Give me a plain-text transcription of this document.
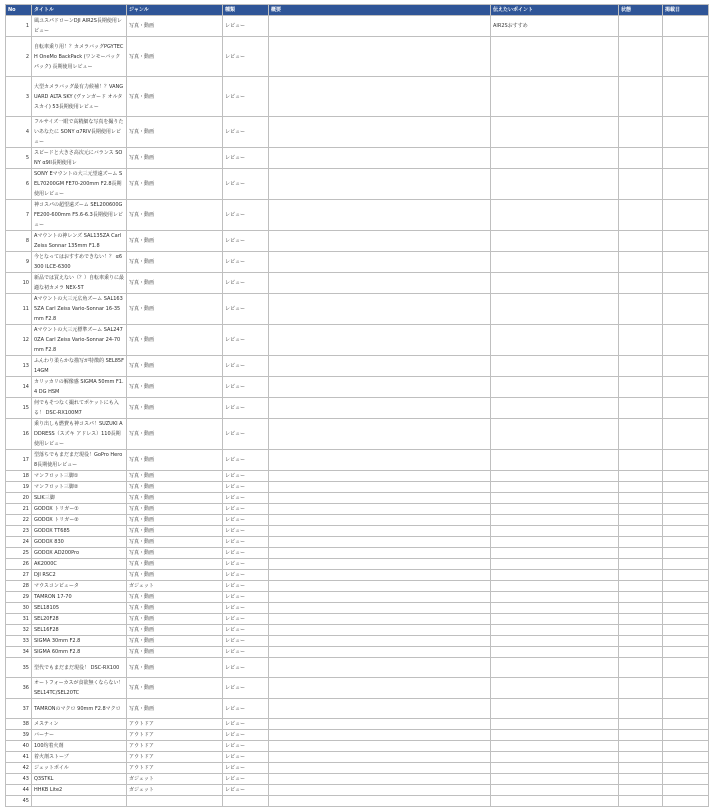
No	タイトル	ジャンル	種類	概要	伝えたいポイント	状態	掲載日
1	風ユスパドローンDJI AIR2S長期使用レビュー	写真・動画	レビュー		AIR2Sおすすめ		
2	自転車乗り用！？カメラバッグPGYTECH OneMo BackPack (ワンモーバックパック) 長期使用レビュー	写真・動画	レビュー				
3	大型カメラバッグ最有力候補！？VANGUARD ALTA SKY (ヴァンガード オルタ スカイ) 53長期使用レビュー	写真・動画	レビュー				
4	フルサイズ一眼で高精細な写真を撮りたいあなたに SONY α7RIV長期使用レビュー	写真・動画	レビュー				
5	スピードと大きさ高次元にバランス SONY α9II長期使用レ	写真・動画	レビュー				
6	SONY Eマウントの大三元望遠ズーム SEL70200GM FE70-200mm F2.8長期使用レビュー	写真・動画	レビュー				
7	神コスパの超望遠ズーム SEL200600G FE200-600mm F5.6-6.3長期使用レビュー	写真・動画	レビュー				
8	Aマウントの神レンズ SAL135ZA Carl Zeiss Sonnar 135mm F1.8	写真・動画	レビュー				
9	今となってはおすすめできない！？ α6300 ILCE-6300	写真・動画	レビュー				
10	新品では買えない（？）自転車乗りに最適な初カメラ NEX-5T	写真・動画	レビュー				
11	Aマウントの大三元広角ズーム SAL1635ZA Carl Zeiss Vario-Sonnar 16-35mm F2.8	写真・動画	レビュー				
12	Aマウントの大三元標準ズーム SAL2470ZA Carl Zeiss Vario-Sonnar 24-70mm F2.8	写真・動画	レビュー				
13	ふんわり柔らかな描写が特徴的 SEL85F14GM	写真・動画	レビュー				
14	カリッカリの解像感 SIGMA 50mm F1.4 DG HSM	写真・動画	レビュー				
15	何でもそつなく撮れてポケットにも入る！ DSC-RX100M7	写真・動画	レビュー				
16	乗り出しも燃費も神コスパ！SUZUKI ADDRESS（スズキ アドレス）110長期使用レビュー	写真・動画	レビュー				
17	型落ちでもまだまだ現役！GoPro Hero8長期使用レビュー	写真・動画	レビュー				
18	マンフロット三脚①	写真・動画	レビュー				
19	マンフロット三脚②	写真・動画	レビュー				
20	SLIK三脚	写真・動画	レビュー				
21	GODOX トリガー①	写真・動画	レビュー				
22	GODOX トリガー②	写真・動画	レビュー				
23	GODOX TT685	写真・動画	レビュー				
24	GODOX 830	写真・動画	レビュー				
25	GODOX AD200Pro	写真・動画	レビュー				
26	AK2000C	写真・動画	レビュー				
27	DJI RSC2	写真・動画	レビュー				
28	マウスコンピュータ	ガジェット	レビュー				
29	TAMRON 17-70	写真・動画	レビュー				
30	SEL18105	写真・動画	レビュー				
31	SEL20F28	写真・動画	レビュー				
32	SEL16F28	写真・動画	レビュー				
33	SIGMA 30mm F2.8	写真・動画	レビュー				
34	SIGMA 60mm F2.8	写真・動画	レビュー				
35	型代でもまだまだ現役！ DSC-RX100	写真・動画	レビュー				
36	オートフォーカスが食欲無くならない！ SEL14TC/SEL20TC	写真・動画	レビュー				
37	TAMRONのマクロ 90mm F2.8マクロ	写真・動画	レビュー				
38	メスティン	アウトドア	レビュー				
39	バーナー	アウトドア	レビュー				
40	100均着火剤	アウトドア	レビュー				
41	着火剤ストーブ	アウトドア	レビュー				
42	ジェットボイル	アウトドア	レビュー				
43	Q3STKL	ガジェット	レビュー				
44	HHKB Lite2	ガジェット	レビュー				
45							
